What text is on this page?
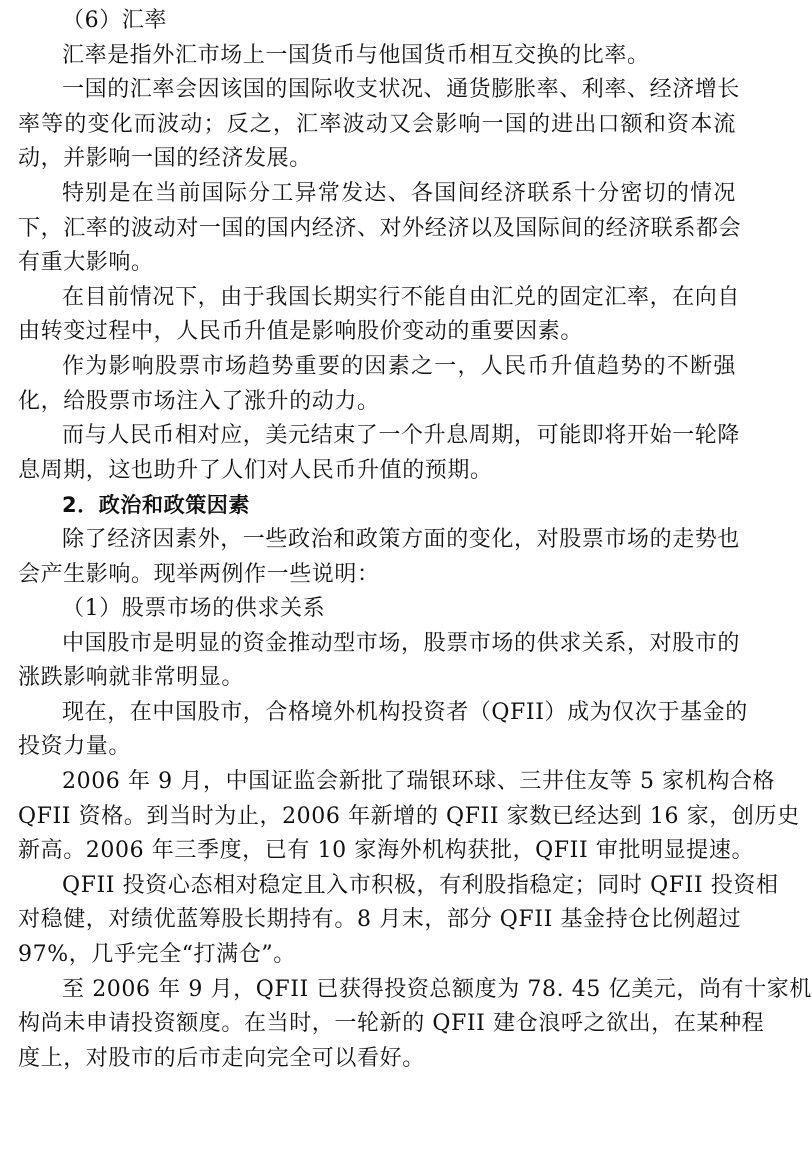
（6）汇率
汇率是指外汇市场上一国货币与他国货币相互交换的比率。
一国的汇率会因该国的国际收支状况、通货膨胀率、利率、经济增长
率等的变化而波动；反之，汇率波动又会影响一国的进出口额和资本流
动，并影响一国的经济发展。
特别是在当前国际分工异常发达、各国间经济联系十分密切的情况
下，汇率的波动对一国的国内经济、对外经济以及国际间的经济联系都会
有重大影响。
在目前情况下，由于我国长期实行不能自由汇兑的固定汇率，在向自
由转变过程中，人民币升值是影响股价变动的重要因素。
作为影响股票市场趋势重要的因素之一，人民币升值趋势的不断强
化，给股票市场注入了涨升的动力。
而与人民币相对应，美元结束了一个升息周期，可能即将开始一轮降
息周期，这也助升了人们对人民币升值的预期。
2．政治和政策因素
除了经济因素外，一些政治和政策方面的变化，对股票市场的走势也
会产生影响。现举两例作一些说明：
（1）股票市场的供求关系
中国股市是明显的资金推动型市场，股票市场的供求关系，对股市的
涨跌影响就非常明显。
现在，在中国股市，合格境外机构投资者（QFII）成为仅次于基金的
投资力量。
2006 年 9 月，中国证监会新批了瑞银环球、三井住友等 5 家机构合格
QFII 资格。到当时为止，2006 年新增的 QFII 家数已经达到 16 家，创历史
新高。2006 年三季度，已有 10 家海外机构获批，QFII 审批明显提速。
QFII 投资心态相对稳定且入市积极，有利股指稳定；同时 QFII 投资相
对稳健，对绩优蓝筹股长期持有。8 月末，部分 QFII 基金持仓比例超过
97%，几乎完全“打满仓”。
至 2006 年 9 月，QFII 已获得投资总额度为 78. 45 亿美元，尚有十家机
构尚未申请投资额度。在当时，一轮新的 QFII 建仓浪呼之欲出，在某种程
度上，对股市的后市走向完全可以看好。
